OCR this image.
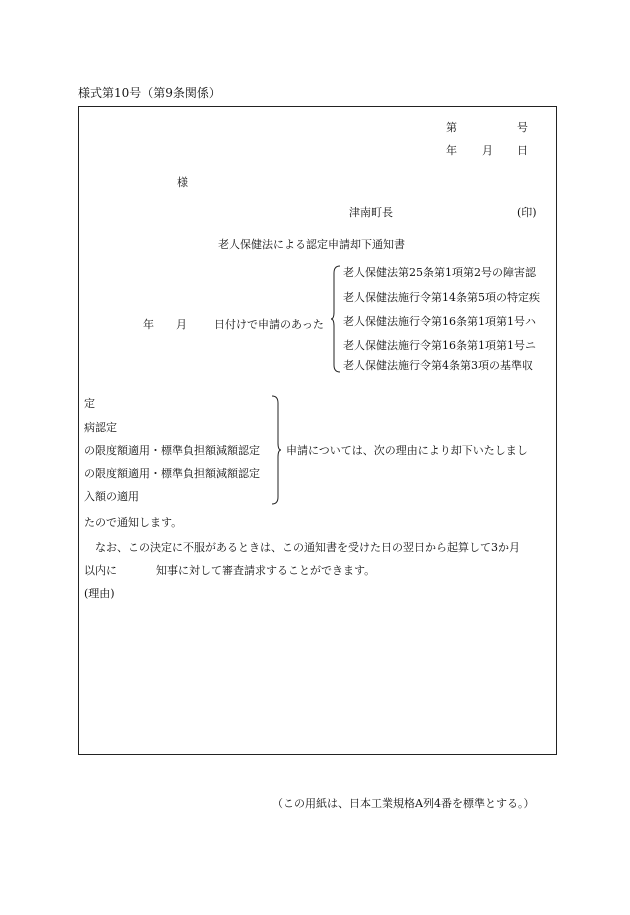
様式第10号（第9条関係）
第	号
年 月 日
様
津南町長	(印)
老人保健法による認定申請却下通知書
年 月 日付けで申請のあった
老人保健法第25条第1項第2号の障害認
老人保健法施行令第14条第5項の特定疾
老人保健法施行令第16条第1項第1号ハ
老人保健法施行令第16条第1項第1号ニ
老人保健法施行令第4条第3項の基準収
定
病認定
の限度額適用・標準負担額減額認定
の限度額適用・標準負担額減額認定
入額の適用
申請については、次の理由により却下いたしまし
たので通知します。
なお、この決定に不服があるときは、この通知書を受けた日の翌日から起算して3か月
以内に	知事に対して審査請求することができます。
(理由)
（この用紙は、日本工業規格A列4番を標準とする。）
